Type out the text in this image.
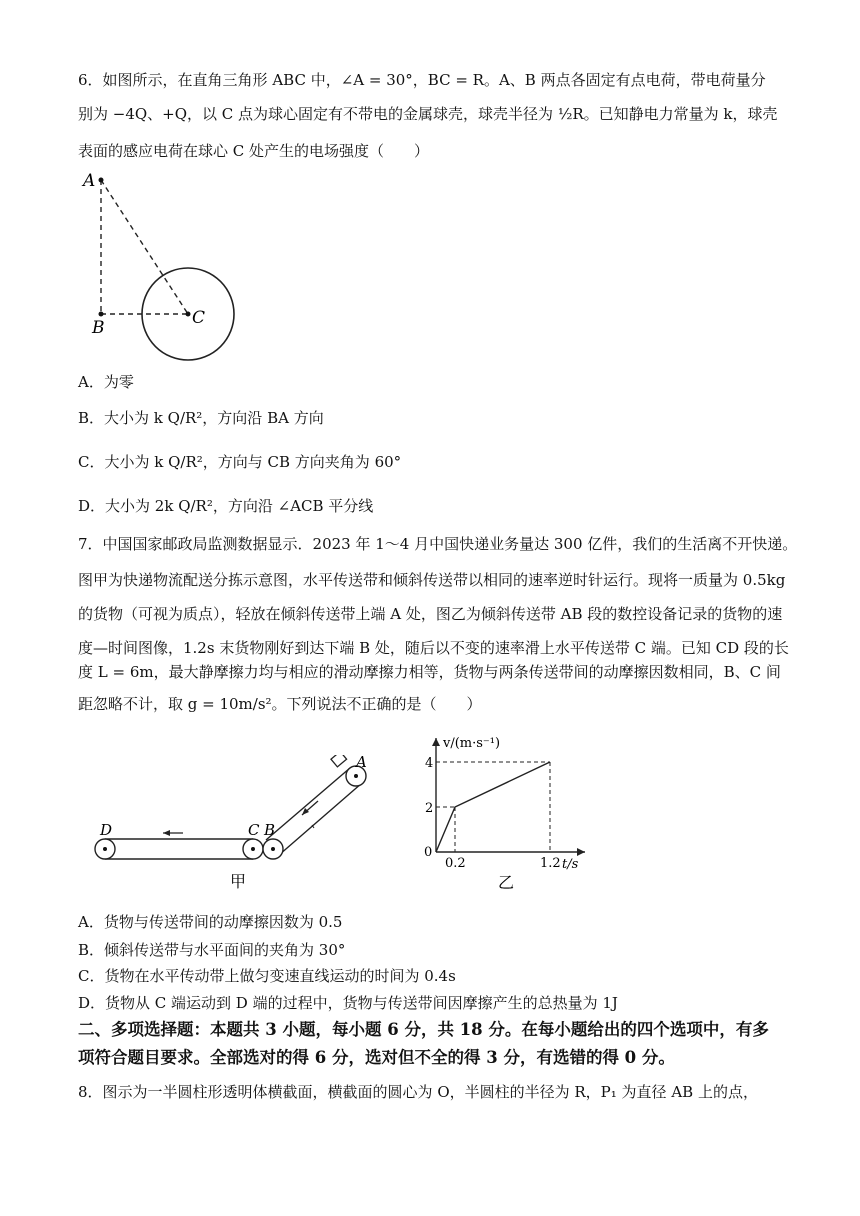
6．如图所示，在直角三角形 ABC 中，∠A = 30°，BC = R。A、B 两点各固定有点电荷，带电荷量分
别为 −4Q、+Q，以 C 点为球心固定有不带电的金属球壳，球壳半径为 ½R。已知静电力常量为 k，球壳
表面的感应电荷在球心 C 处产生的电场强度（　　）
A
B	C
A．为零
B．大小为 k Q/R²，方向沿 BA 方向
C．大小为 k Q/R²，方向与 CB 方向夹角为 60°
D．大小为 2k Q/R²，方向沿 ∠ACB 平分线
7．中国国家邮政局监测数据显示．2023 年 1～4 月中国快递业务量达 300 亿件，我们的生活离不开快递。
图甲为快递物流配送分拣示意图，水平传送带和倾斜传送带以相同的速率逆时针运行。现将一质量为 0.5kg
的货物（可视为质点），轻放在倾斜传送带上端 A 处，图乙为倾斜传送带 AB 段的数控设备记录的货物的速
度—时间图像，1.2s 末货物刚好到达下端 B 处，随后以不变的速率滑上水平传送带 C 端。已知 CD 段的长
度 L = 6m，最大静摩擦力均与相应的滑动摩擦力相等，货物与两条传送带间的动摩擦因数相同，B、C 间
距忽略不计，取 g = 10m/s²。下列说法不正确的是（　　）
A
B
C
D
甲
2
4
0.2	1.2
v/(m·s⁻¹)
t/s
0
乙
A．货物与传送带间的动摩擦因数为 0.5
B．倾斜传送带与水平面间的夹角为 30°
C．货物在水平传动带上做匀变速直线运动的时间为 0.4s
D．货物从 C 端运动到 D 端的过程中，货物与传送带间因摩擦产生的总热量为 1J
二、多项选择题：本题共 3 小题，每小题 6 分，共 18 分。在每小题给出的四个选项中，有多
项符合题目要求。全部选对的得 6 分，选对但不全的得 3 分，有选错的得 0 分。
8．图示为一半圆柱形透明体横截面，横截面的圆心为 O，半圆柱的半径为 R，P₁ 为直径 AB 上的点，
